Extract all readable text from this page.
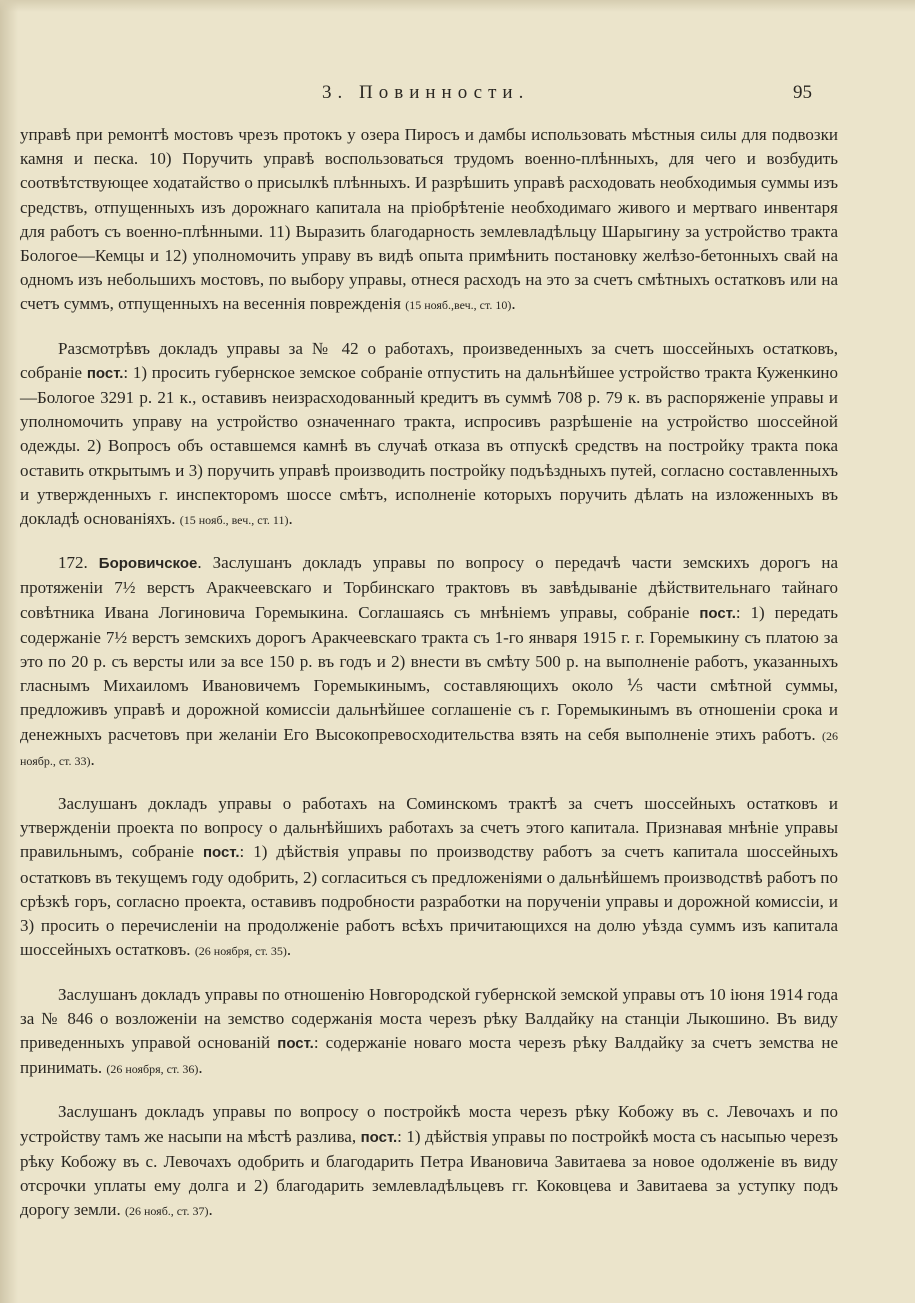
3. Повинности.	95

управѣ при ремонтѣ мостовъ чрезъ протокъ у озера Пиросъ и дамбы использовать мѣстныя силы для подвозки камня и песка. 10) Поручить управѣ воспользоваться трудомъ военно-плѣнныхъ, для чего и возбудить соотвѣтствующее ходатайство о присылкѣ плѣнныхъ. И разрѣшить управѣ расходовать необходимыя суммы изъ средствъ, отпущенныхъ изъ дорожнаго капитала на пріобрѣтеніе необходимаго живого и мертваго инвентаря для работъ съ военно-плѣнными. 11) Выразить благодарность землевладѣльцу Шарыгину за устройство тракта Бологое—Кемцы и 12) уполномочить управу въ видѣ опыта примѣнить постановку желѣзо-бетонныхъ свай на одномъ изъ небольшихъ мостовъ, по выбору управы, отнеся расходъ на это за счетъ смѣтныхъ остатковъ или на счетъ суммъ, отпущенныхъ на весеннія поврежденія (15 нояб.,веч., ст. 10).

Разсмотрѣвъ докладъ управы за № 42 о работахъ, произведенныхъ за счетъ шоссейныхъ остатковъ, собраніе пост.: 1) просить губернское земское собраніе отпустить на дальнѣйшее устройство тракта Куженкино—Бологое 3291 р. 21 к., оставивъ неизрасходованный кредитъ въ суммѣ 708 р. 79 к. въ распоряженіе управы и уполномочить управу на устройство означеннаго тракта, испросивъ разрѣшеніе на устройство шоссейной одежды. 2) Вопросъ объ оставшемся камнѣ въ случаѣ отказа въ отпускѣ средствъ на постройку тракта пока оставить открытымъ и 3) поручить управѣ производить постройку подъѣздныхъ путей, согласно составленныхъ и утвержденныхъ г. инспекторомъ шоссе смѣтъ, исполненіе которыхъ поручить дѣлать на изложенныхъ въ докладѣ основаніяхъ. (15 нояб., веч., ст. 11).

172. Боровичское. Заслушанъ докладъ управы по вопросу о передачѣ части земскихъ дорогъ на протяженіи 7½ верстъ Аракчеевскаго и Торбинскаго трактовъ въ завѣдываніе дѣйствительнаго тайнаго совѣтника Ивана Логиновича Горемыкина. Соглашаясь съ мнѣніемъ управы, собраніе пост.: 1) передать содержаніе 7½ верстъ земскихъ дорогъ Аракчеевскаго тракта съ 1-го января 1915 г. г. Горемыкину съ платою за это по 20 р. съ версты или за все 150 р. въ годъ и 2) внести въ смѣту 500 р. на выполненіе работъ, указанныхъ гласнымъ Михаиломъ Ивановичемъ Горемыкинымъ, составляющихъ около ⅕ части смѣтной суммы, предложивъ управѣ и дорожной комиссіи дальнѣйшее соглашеніе съ г. Горемыкинымъ въ отношеніи срока и денежныхъ расчетовъ при желаніи Его Высокопревосходительства взять на себя выполненіе этихъ работъ. (26 ноябр., ст. 33).

Заслушанъ докладъ управы о работахъ на Соминскомъ трактѣ за счетъ шоссейныхъ остатковъ и утвержденіи проекта по вопросу о дальнѣйшихъ работахъ за счетъ этого капитала. Признавая мнѣніе управы правильнымъ, собраніе пост.: 1) дѣйствія управы по производству работъ за счетъ капитала шоссейныхъ остатковъ въ текущемъ году одобрить, 2) согласиться съ предложеніями о дальнѣйшемъ производствѣ работъ по срѣзкѣ горъ, согласно проекта, оставивъ подробности разработки на порученіи управы и дорожной комиссіи, и 3) просить о перечисленіи на продолженіе работъ всѣхъ причитающихся на долю уѣзда суммъ изъ капитала шоссейныхъ остатковъ. (26 ноября, ст. 35).

Заслушанъ докладъ управы по отношенію Новгородской губернской земской управы отъ 10 іюня 1914 года за № 846 о возложеніи на земство содержанія моста черезъ рѣку Валдайку на станціи Лыкошино. Въ виду приведенныхъ управой основаній пост.: содержаніе новаго моста черезъ рѣку Валдайку за счетъ земства не принимать. (26 ноября, ст. 36).

Заслушанъ докладъ управы по вопросу о постройкѣ моста черезъ рѣку Кобожу въ с. Левочахъ и по устройству тамъ же насыпи на мѣстѣ разлива, пост.: 1) дѣйствія управы по постройкѣ моста съ насыпью черезъ рѣку Кобожу въ с. Левочахъ одобрить и благодарить Петра Ивановича Завитаева за новое одолженіе въ виду отсрочки уплаты ему долга и 2) благодарить землевладѣльцевъ гг. Коковцева и Завитаева за уступку подъ дорогу земли. (26 нояб., ст. 37).
